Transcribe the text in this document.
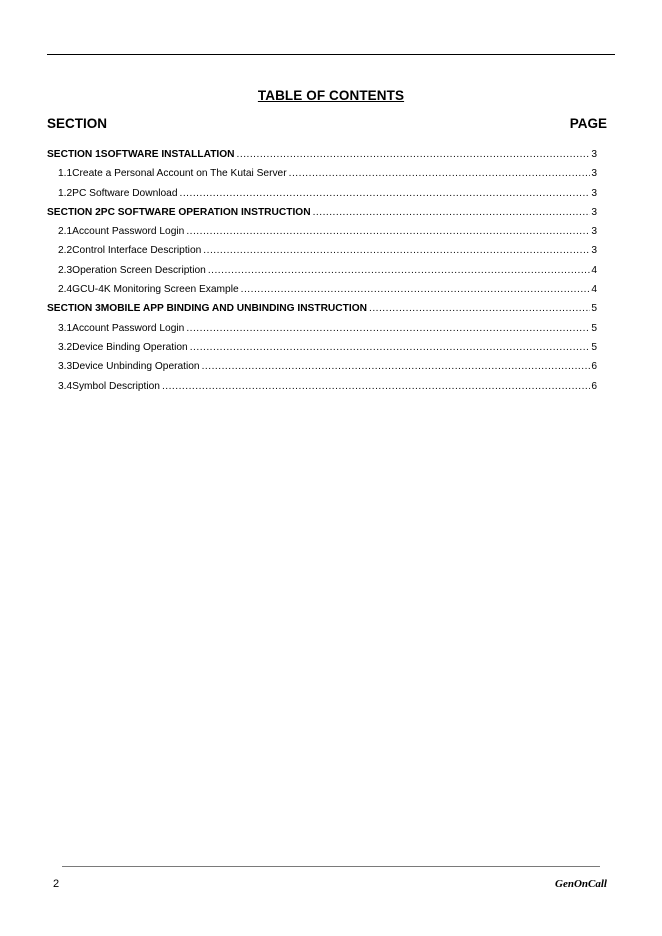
TABLE OF CONTENTS
SECTION	PAGE
SECTION 1 SOFTWARE INSTALLATION .....	3
1.1 Create a Personal Account on The Kutai Server .....	3
1.2 PC Software Download .....	3
SECTION 2 PC SOFTWARE OPERATION INSTRUCTION .....	3
2.1 Account Password Login .....	3
2.2 Control Interface Description .....	3
2.3 Operation Screen Description .....	4
2.4 GCU-4K Monitoring Screen Example .....	4
SECTION 3 MOBILE APP BINDING AND UNBINDING INSTRUCTION .....	5
3.1 Account Password Login .....	5
3.2 Device Binding Operation .....	5
3.3 Device Unbinding Operation .....	6
3.4 Symbol Description .....	6
2	GenOnCall
